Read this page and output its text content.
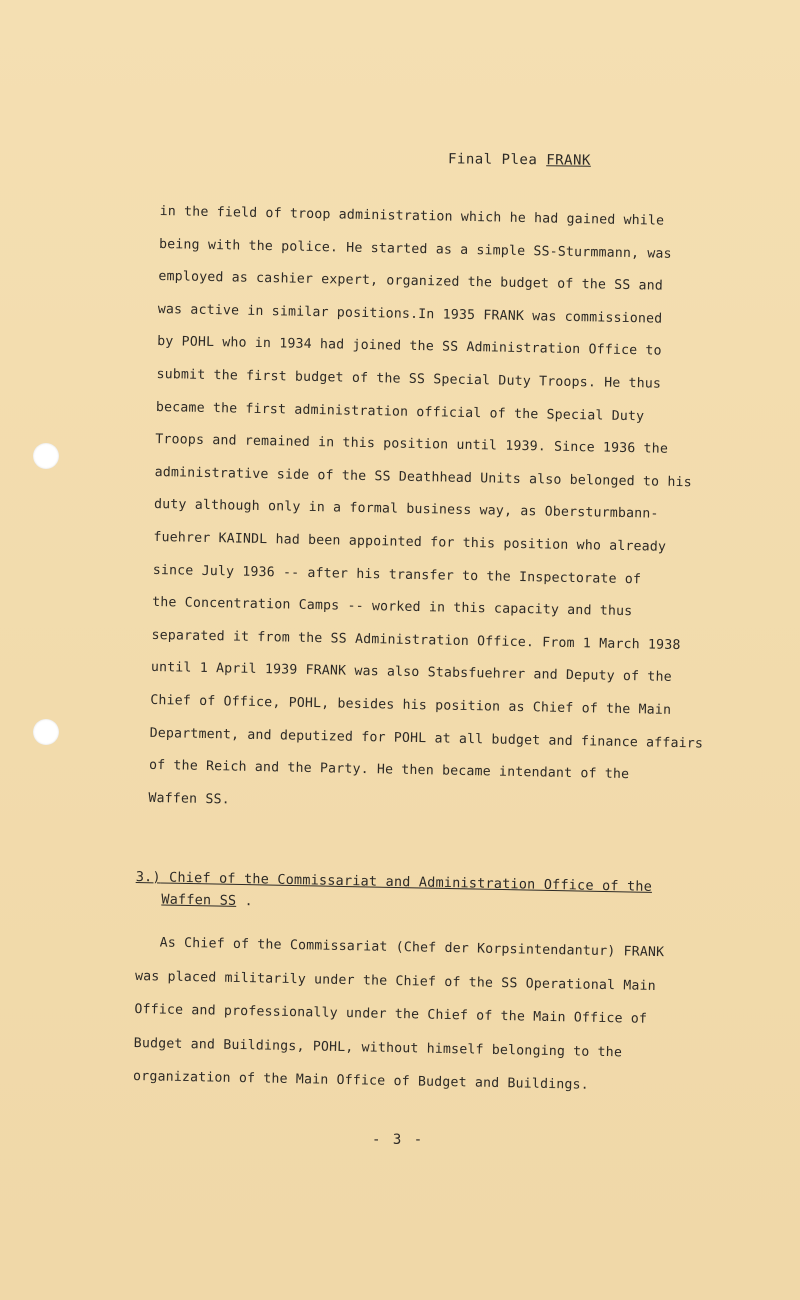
Final Plea FRANK
in the field of troop administration which he had gained while
being with the police. He started as a simple SS-Sturmmann, was
employed as cashier expert, organized the budget of the SS and
was active in similar positions.In 1935 FRANK was commissioned
by POHL who in 1934 had joined the SS Administration Office to
submit the first budget of the SS Special Duty Troops. He thus
became the first administration official of the Special Duty
Troops and remained in this position until 1939. Since 1936 the
administrative side of the SS Deathhead Units also belonged to his
duty although only in a formal business way, as Obersturmbann-
fuehrer KAINDL had been appointed for this position who already
since July 1936 -- after his transfer to the Inspectorate of
the Concentration Camps -- worked in this capacity and thus
separated it from the SS Administration Office. From 1 March 1938
until 1 April 1939 FRANK was also Stabsfuehrer and Deputy of the
Chief of Office, POHL, besides his position as Chief of the Main
Department, and deputized for POHL at all budget and finance affairs
of the Reich and the Party. He then became intendant of the
Waffen SS.
3.) Chief of the Commissariat and Administration Office of the
Waffen SS .
As Chief of the Commissariat (Chef der Korpsintendantur) FRANK
was placed militarily under the Chief of the SS Operational Main
Office and professionally under the Chief of the Main Office of
Budget and Buildings, POHL, without himself belonging to the
organization of the Main Office of Budget and Buildings.
- 3 -
